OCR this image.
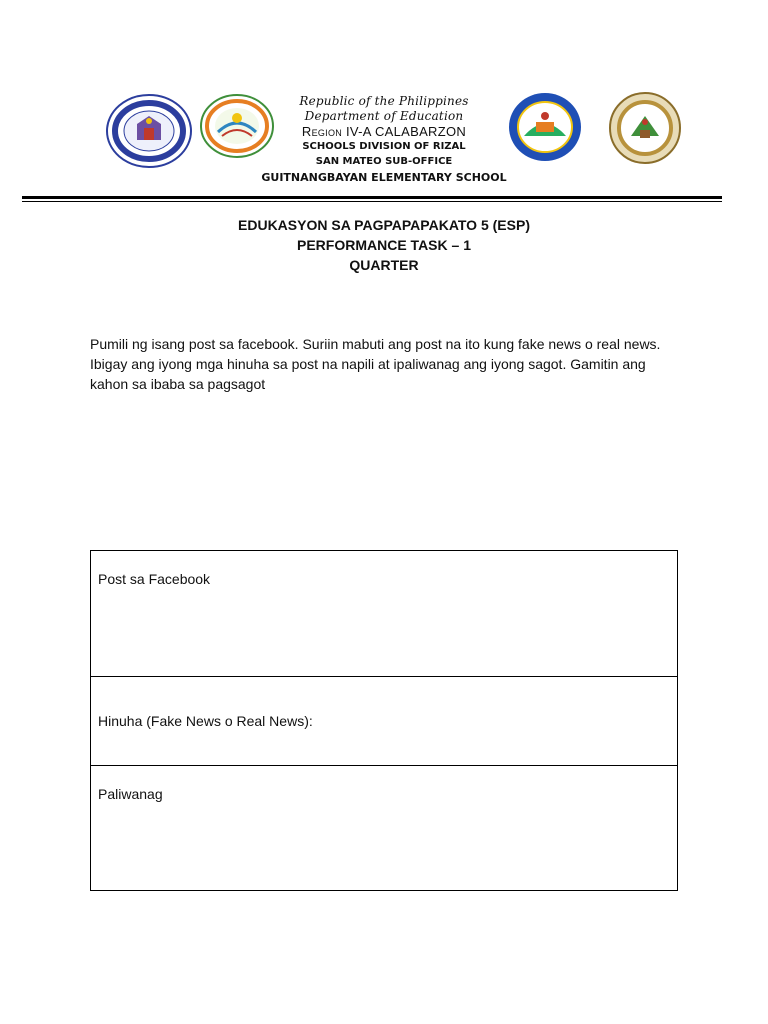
Republic of the Philippines
Department of Education
Region IV-A CALABARZON
SCHOOLS DIVISION OF RIZAL
SAN MATEO SUB-OFFICE
GUITNANGBAYAN ELEMENTARY SCHOOL
EDUKASYON SA PAGPAPAPAKATO 5 (ESP)
PERFORMANCE TASK – 1
QUARTER
Pumili ng isang post sa facebook. Suriin mabuti ang post na ito kung fake news o real news. Ibigay ang iyong mga hinuha sa post na napili at ipaliwanag ang iyong sagot. Gamitin ang kahon sa ibaba sa pagsagot
Post sa Facebook
Hinuha (Fake News o Real News):
Paliwanag
